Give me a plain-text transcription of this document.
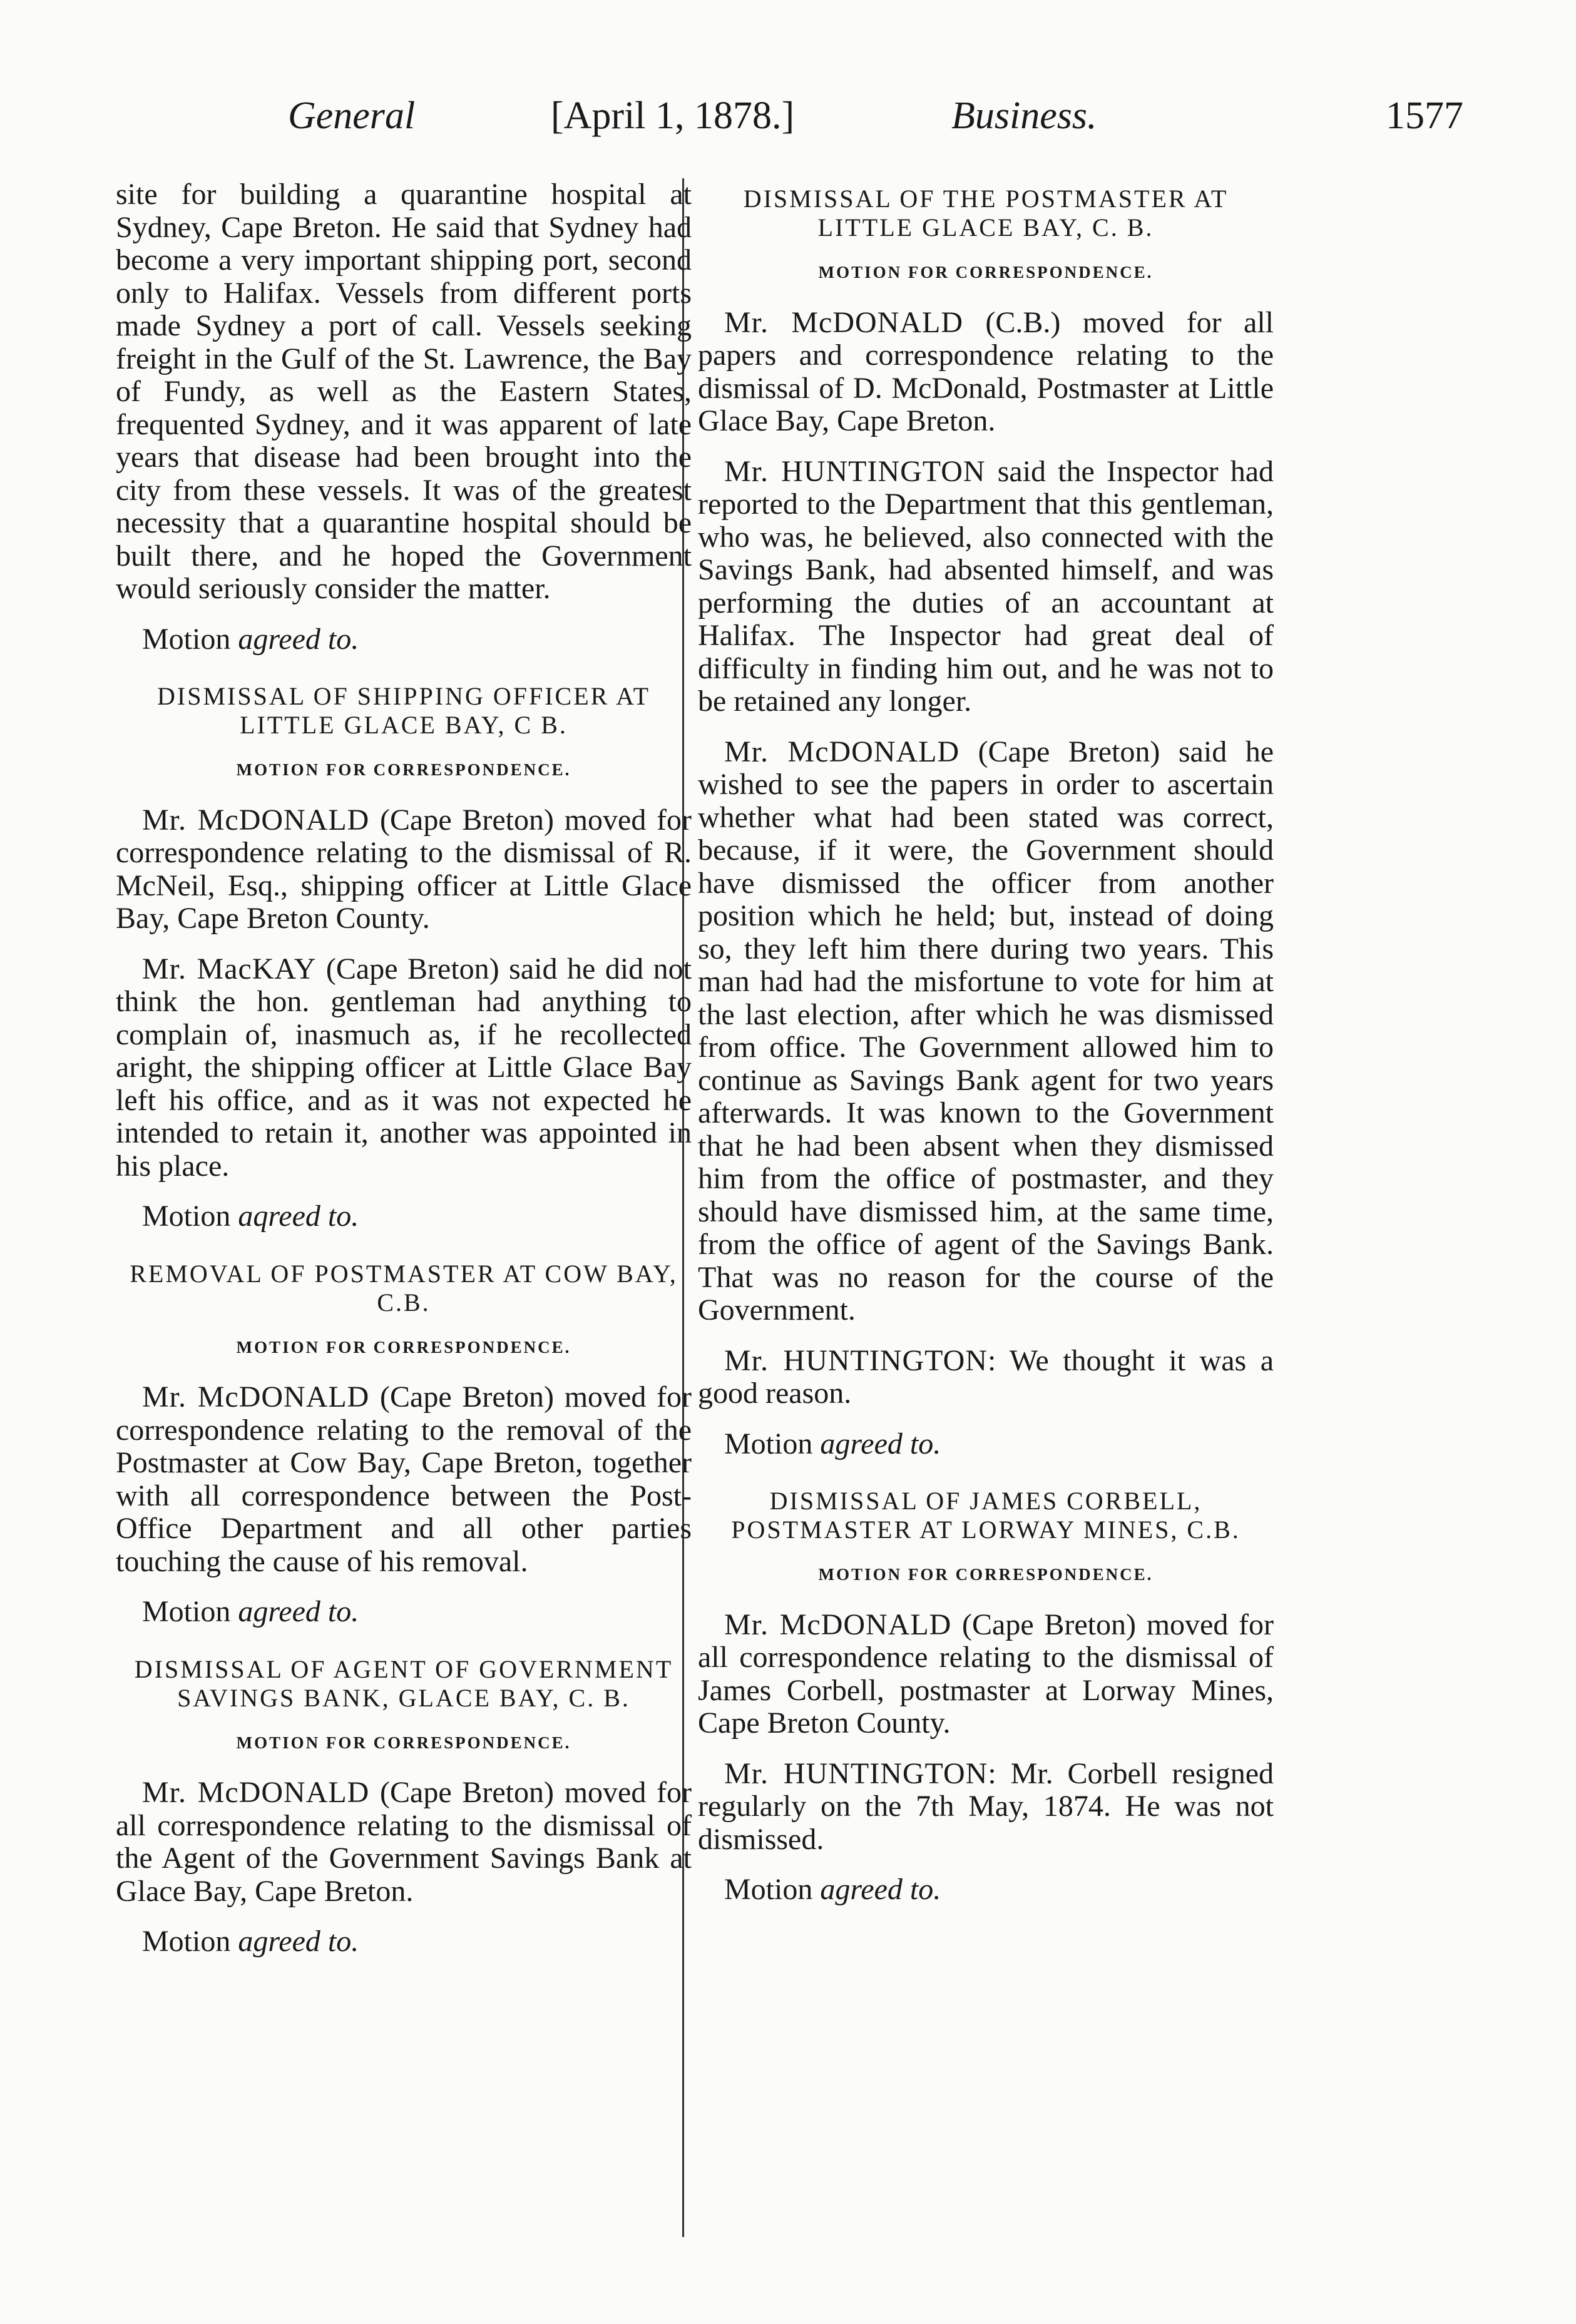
General	[April 1, 1878.]	Business.	1577

site for building a quarantine hospital at Sydney, Cape Breton. He said that Sydney had become a very important shipping port, second only to Halifax. Vessels from different ports made Sydney a port of call. Vessels seeking freight in the Gulf of the St. Lawrence, the Bay of Fundy, as well as the Eastern States, frequented Sydney, and it was apparent of late years that disease had been brought into the city from these vessels. It was of the greatest necessity that a quarantine hospital should be built there, and he hoped the Government would seriously consider the matter.

Motion agreed to.

DISMISSAL OF SHIPPING OFFICER AT LITTLE GLACE BAY, C B.
MOTION FOR CORRESPONDENCE.

Mr. McDONALD (Cape Breton) moved for correspondence relating to the dismissal of R. McNeil, Esq., shipping officer at Little Glace Bay, Cape Breton County.

Mr. MacKAY (Cape Breton) said he did not think the hon. gentleman had anything to complain of, inasmuch as, if he recollected aright, the shipping officer at Little Glace Bay left his office, and as it was not expected he intended to retain it, another was appointed in his place.

Motion aqreed to.

REMOVAL OF POSTMASTER AT COW BAY, C.B.
MOTION FOR CORRESPONDENCE.

Mr. McDONALD (Cape Breton) moved for correspondence relating to the removal of the Postmaster at Cow Bay, Cape Breton, together with all correspondence between the Post-Office Department and all other parties touching the cause of his removal.

Motion agreed to.

DISMISSAL OF AGENT OF GOVERNMENT SAVINGS BANK, GLACE BAY, C. B.
MOTION FOR CORRESPONDENCE.

Mr. McDONALD (Cape Breton) moved for all correspondence relating to the dismissal of the Agent of the Government Savings Bank at Glace Bay, Cape Breton.

Motion agreed to.

DISMISSAL OF THE POSTMASTER AT LITTLE GLACE BAY, C. B.
MOTION FOR CORRESPONDENCE.

Mr. McDONALD (C.B.) moved for all papers and correspondence relating to the dismissal of D. McDonald, Postmaster at Little Glace Bay, Cape Breton.

Mr. HUNTINGTON said the Inspector had reported to the Department that this gentleman, who was, he believed, also connected with the Savings Bank, had absented himself, and was performing the duties of an accountant at Halifax. The Inspector had great deal of difficulty in finding him out, and he was not to be retained any longer.

Mr. McDONALD (Cape Breton) said he wished to see the papers in order to ascertain whether what had been stated was correct, because, if it were, the Government should have dismissed the officer from another position which he held; but, instead of doing so, they left him there during two years. This man had had the misfortune to vote for him at the last election, after which he was dismissed from office. The Government allowed him to continue as Savings Bank agent for two years afterwards. It was known to the Government that he had been absent when they dismissed him from the office of postmaster, and they should have dismissed him, at the same time, from the office of agent of the Savings Bank. That was no reason for the course of the Government.

Mr. HUNTINGTON: We thought it was a good reason.

Motion agreed to.

DISMISSAL OF JAMES CORBELL, POSTMASTER AT LORWAY MINES, C.B.
MOTION FOR CORRESPONDENCE.

Mr. McDONALD (Cape Breton) moved for all correspondence relating to the dismissal of James Corbell, postmaster at Lorway Mines, Cape Breton County.

Mr. HUNTINGTON: Mr. Corbell resigned regularly on the 7th May, 1874. He was not dismissed.

Motion agreed to.
